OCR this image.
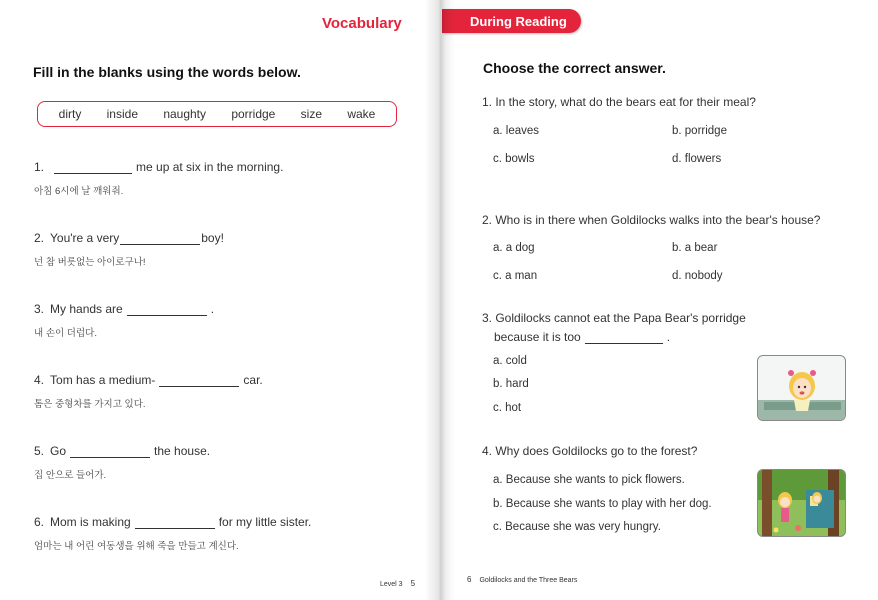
Vocabulary
Fill in the blanks using the words below.
dirty inside naughty porridge size wake
1.	me up at six in the morning.
아침 6시에 날 깨워줘.
2. You're a very	boy!
넌 참 버릇없는 아이로구나!
3. My hands are	.
내 손이 더럽다.
4. Tom has a medium-	car.
톰은 중형차를 가지고 있다.
5. Go	the house.
집 안으로 들어가.
6. Mom is making	for my little sister.
엄마는 내 어린 여동생을 위해 죽을 만들고 계신다.
Level 3 5
During Reading
Choose the correct answer.
1. In the story, what do the bears eat for their meal?
a. leaves	b. porridge
c. bowls	d. flowers
2. Who is in there when Goldilocks walks into the bear's house?
a. a dog	b. a bear
c. a man	d. nobody
3. Goldilocks cannot eat the Papa Bear's porridge
because it is too	.
a. cold
b. hard
c. hot
4. Why does Goldilocks go to the forest?
a. Because she wants to pick flowers.
b. Because she wants to play with her dog.
c. Because she was very hungry.
6 Goldilocks and the Three Bears
